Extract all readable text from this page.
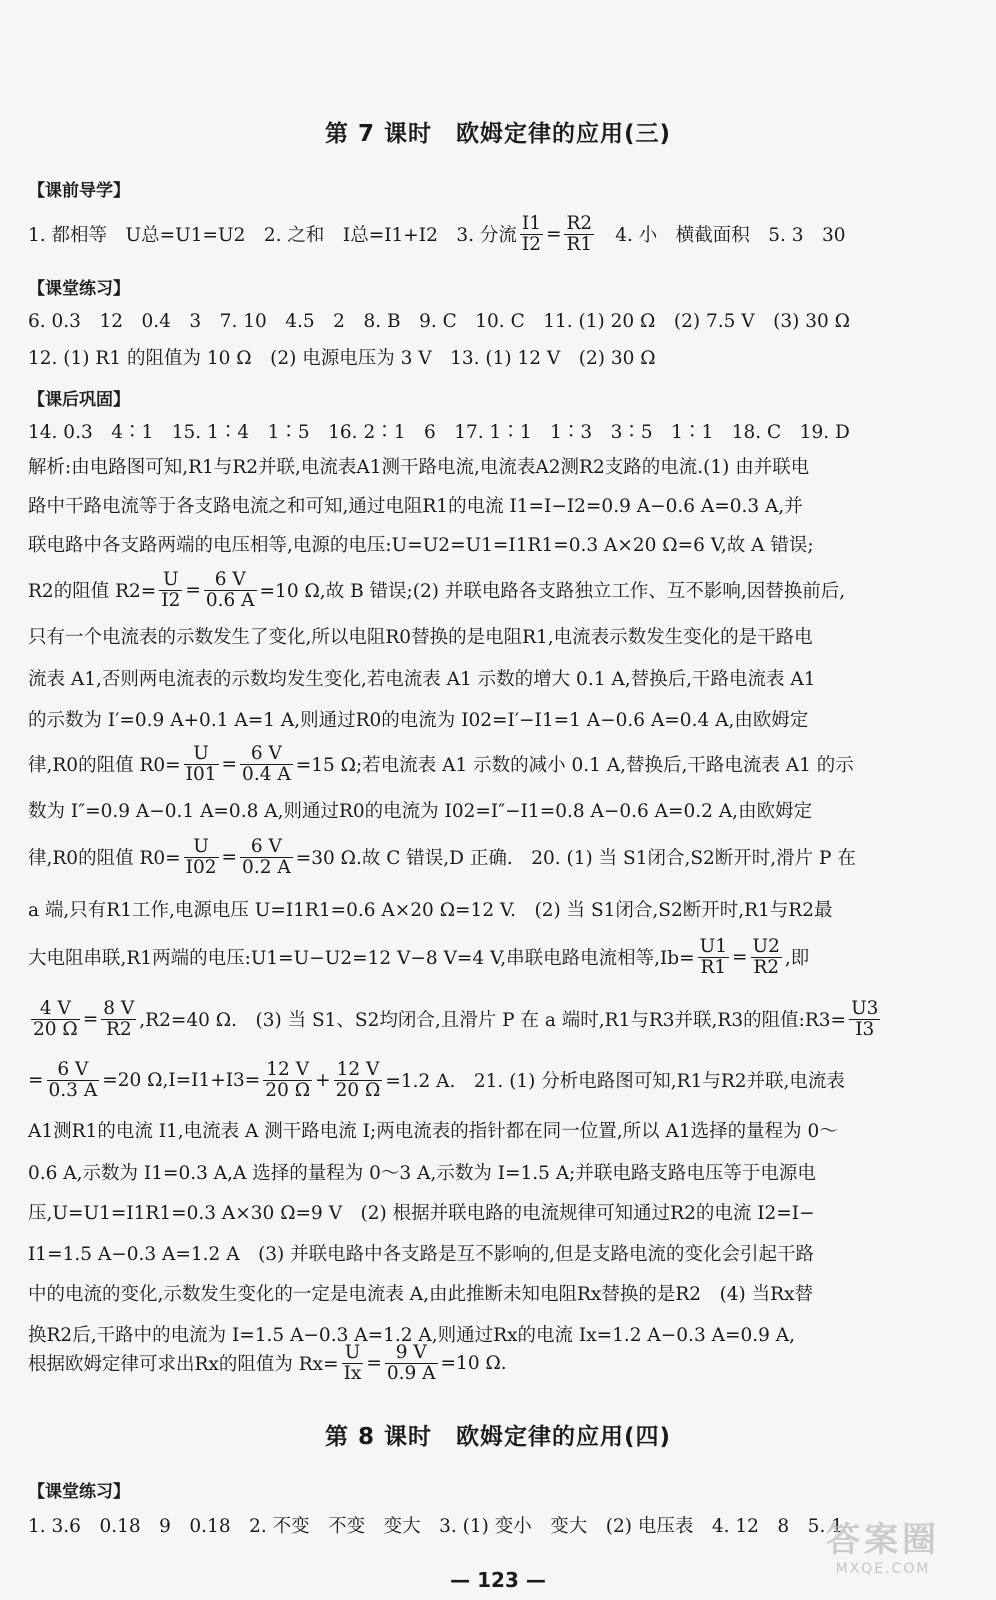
第 7 课时　欧姆定律的应用(三)
【课前导学】
1. 都相等　U总=U1=U2　2. 之和　I总=I1+I2　3. 分流 $\frac{I1}{I2} = \frac{R2}{R1} 4$. 小　横截面积　5. 3　30
【课堂练习】
6. 0.3　12　0.4　3　7. 10　4.5　2　8. B　9. C　10. C　11. (1) 20 Ω　(2) 7.5 V　(3) 30 Ω
12. (1) R1 的阻值为 10 Ω　(2) 电源电压为 3 V　13. (1) 12 V　(2) 30 Ω
【课后巩固】
14. 0.3　4∶1　15. 1∶4　1∶5　16. 2∶1　6　17. 1∶1　1∶3　3∶5　1∶1　18. C　19. D
解析:由电路图可知,R1与R2并联,电流表A1测干路电流,电流表A2测R2支路的电流.(1) 由并联电
路中干路电流等于各支路电流之和可知,通过电阻R1的电流 I1=I−I2=0.9 A−0.6 A=0.3 A,并
联电路中各支路两端的电压相等,电源的电压:U=U2=U1=I1R1=0.3 A×20 Ω=6 V,故 A 错误;
R2的阻值 $R2= \frac{U}{I2} = \frac{6 V}{0.6 A} =10$ Ω,故 B 错误;(2) 并联电路各支路独立工作、互不影响,因替换前后,
只有一个电流表的示数发生了变化,所以电阻R0替换的是电阻R1,电流表示数发生变化的是干路电
流表 A1,否则两电流表的示数均发生变化,若电流表 A1 示数的增大 0.1 A,替换后,干路电流表 A1
的示数为 I′=0.9 A+0.1 A=1 A,则通过R0的电流为 I02=I′−I1=1 A−0.6 A=0.4 A,由欧姆定
律,R0的阻值 $R0= \frac{U}{I01} = \frac{6 V}{0.4 A} =15$ Ω;若电流表 A1 示数的减小 0.1 A,替换后,干路电流表 A1 的示
数为 I″=0.9 A−0.1 A=0.8 A,则通过R0的电流为 I02=I″−I1=0.8 A−0.6 A=0.2 A,由欧姆定
律,R0的阻值 $R0= \frac{U}{I02} = \frac{6 V}{0.2 A} =30$ Ω.故 C 错误,D 正确.　20. (1) 当 S1闭合,S2断开时,滑片 P 在
a 端,只有R1工作,电源电压 U=I1R1=0.6 A×20 Ω=12 V.　(2) 当 S1闭合,S2断开时,R1与R2最
大电阻串联,R1两端的电压:U1=U−U2=12 V−8 V=4 V,串联电路电流相等$,Ib= \frac{U1}{R1} = \frac{U2}{R2}$ ,即
$\frac{4 V}{20 \Omega} = \frac{8 V}{R2} ,R2=40$ Ω.　(3) 当 S1、S2均闭合,且滑片 P 在 a 端时,R1与R3并联,R3的阻值:R3= $\frac{U3}{I3}$
= $\frac{6 V}{0.3 A} =20$ $\Omega,I=I1+I3= \frac{12 V}{20 \Omega} + \frac{12 V}{20 \Omega} =1.2$ A.　21. (1) 分析电路图可知,R1与R2并联,电流表
A1测R1的电流 I1,电流表 A 测干路电流 I;两电流表的指针都在同一位置,所以 A1选择的量程为 0～
0.6 A,示数为 I1=0.3 A,A 选择的量程为 0～3 A,示数为 I=1.5 A;并联电路支路电压等于电源电
压,U=U1=I1R1=0.3 A×30 Ω=9 V　(2) 根据并联电路的电流规律可知通过R2的电流 I2=I−
I1=1.5 A−0.3 A=1.2 A　(3) 并联电路中各支路是互不影响的,但是支路电流的变化会引起干路
中的电流的变化,示数发生变化的一定是电流表 A,由此推断未知电阻Rx替换的是R2　(4) 当Rx替
换R2后,干路中的电流为 I=1.5 A−0.3 A=1.2 A,则通过Rx的电流 Ix=1.2 A−0.3 A=0.9 A,
根据欧姆定律可求出Rx的阻值为 $Rx= \frac{U}{Ix} = \frac{9 V}{0.9 A} =10$ Ω.
第 8 课时　欧姆定律的应用(四)
【课堂练习】
1. 3.6　0.18　9　0.18　2. 不变　不变　变大　3. (1) 变小　变大　(2) 电压表　4. 12　8　5. 1
— 123 —
答案圈
MXQE.COM
